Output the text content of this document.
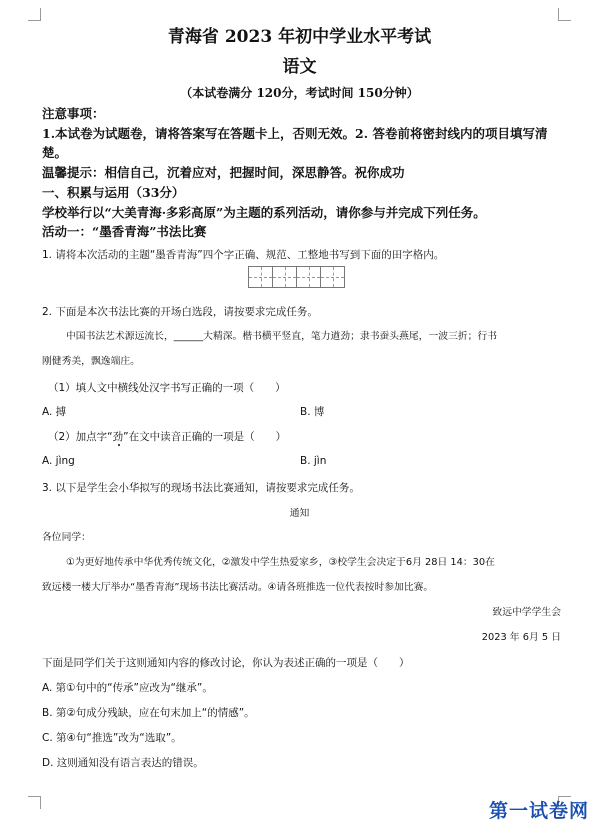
青海省 2023 年初中学业水平考试
语文
（本试卷满分 120分，考试时间 150分钟）
注意事项：
1.本试卷为试题卷，请将答案写在答题卡上，否则无效。2. 答卷前将密封线内的项目填写清
楚。
温馨提示：相信自己，沉着应对，把握时间，深思静答。祝你成功
一、积累与运用（33分）
学校举行以“大美青海·多彩高原”为主题的系列活动，请你参与并完成下列任务。
活动一：“墨香青海”书法比赛
1. 请将本次活动的主题“墨香青海”四个字正确、规范、工整地书写到下面的田字格内。
2. 下面是本次书法比赛的开场白选段，请按要求完成任务。
中国书法艺术源远流长，______大精深。楷书横平竖直，笔力遒劲；隶书蚕头燕尾，一波三折；行书
刚健秀美，飘逸端庄。
（1）填人文中横线处汉字书写正确的一项（　　）
A. 搏	B. 博
（2）加点字“劲”在文中读音正确的一项是（　　）
A. jìng	B. jìn
3. 以下是学生会小华拟写的现场书法比赛通知，请按要求完成任务。
通知
各位同学：
①为更好地传承中华优秀传统文化，②激发中学生热爱家乡，③校学生会决定于6月 28日 14：30在
致远楼一楼大厅举办“墨香青海”现场书法比赛活动。④请各班推选一位代表按时参加比赛。
致远中学学生会
2023 年 6月 5 日
下面是同学们关于这则通知内容的修改讨论，你认为表述正确的一项是（　　）
A. 第①句中的“传承”应改为“继承”。
B. 第②句成分残缺，应在句末加上“的情感”。
C. 第④句“推选”改为“选取”。
D. 这则通知没有语言表达的错误。
第一试卷网
